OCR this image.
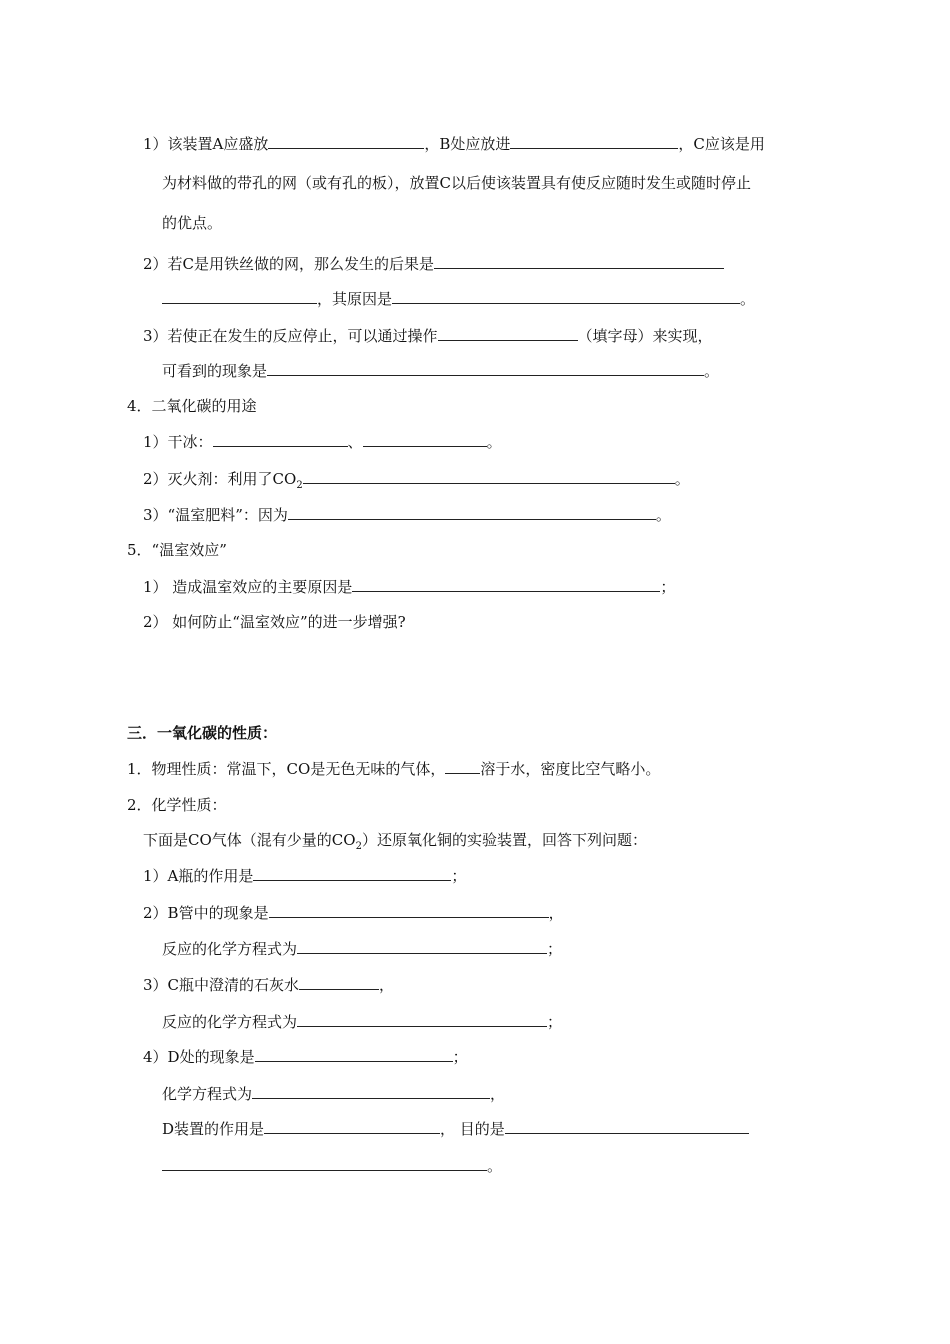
1）该装置A应盛放	，B处应放进	，C应该是用
为材料做的带孔的网（或有孔的板），放置C以后使该装置具有使反应随时发生或随时停止
的优点。
2）若C是用铁丝做的网，那么发生的后果是
，其原因是	。
3）若使正在发生的反应停止，可以通过操作	（填字母）来实现，
可看到的现象是	。
4．二氧化碳的用途
1）干冰：	、	。
2）灭火剂：利用了$CO_2$	。
3）“温室肥料”：因为	。
5．“温室效应”
1） 造成温室效应的主要原因是	；
2） 如何防止“温室效应”的进一步增强?
三．一氧化碳的性质：
1．物理性质：常温下，CO是无色无味的气体， 溶于水，密度比空气略小。
2．化学性质：
下面是CO气体（混有少量的$CO_2$）还原氧化铜的实验装置，回答下列问题：
1）A瓶的作用是	；
2）B管中的现象是	，
反应的化学方程式为	；
3）C瓶中澄清的石灰水	，
反应的化学方程式为	；
4）D处的现象是	；
化学方程式为	，
D装置的作用是	， 目的是
。
